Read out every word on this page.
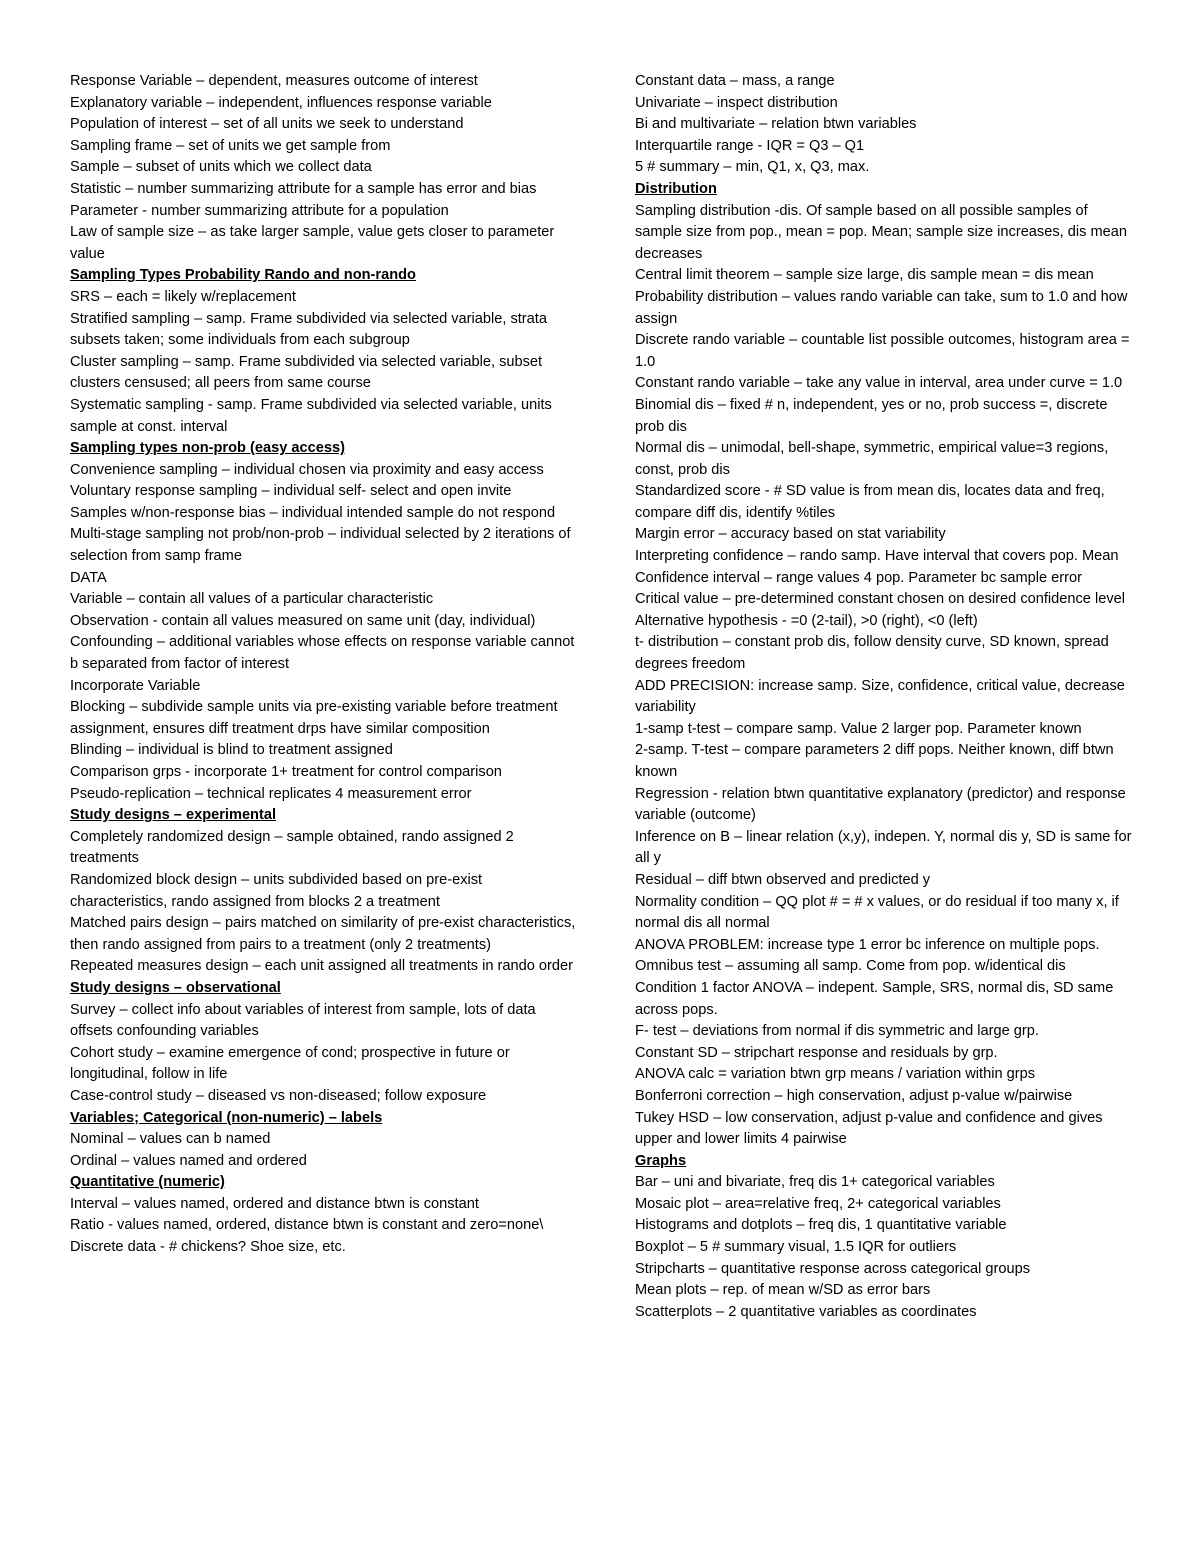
Response Variable – dependent, measures outcome of interest

Explanatory variable – independent, influences response variable

Population of interest – set of all units we seek to understand

Sampling frame – set of units we get sample from

Sample – subset of units which we collect data

Statistic – number summarizing attribute for a sample has error and bias

Parameter - number summarizing attribute for a population

Law of sample size – as take larger sample, value gets closer to parameter value

Sampling Types Probability Rando and non-rando

SRS – each = likely w/replacement

Stratified sampling – samp. Frame subdivided via selected variable, strata subsets taken; some individuals from each subgroup

Cluster sampling – samp. Frame subdivided via selected variable, subset clusters censused; all peers from same course

Systematic sampling - samp. Frame subdivided via selected variable, units sample at const. interval

Sampling types non-prob (easy access)

Convenience sampling – individual chosen via proximity and easy access

Voluntary response sampling – individual self- select and open invite

Samples w/non-response bias – individual intended sample do not respond

Multi-stage sampling not prob/non-prob – individual selected by 2 iterations of selection from samp frame

DATA

Variable – contain all values of a particular characteristic

Observation - contain all values measured on same unit (day, individual)

Confounding – additional variables whose effects on response variable cannot b separated from factor of interest

Incorporate Variable

Blocking – subdivide sample units via pre-existing variable before treatment assignment, ensures diff treatment drps have similar composition

Blinding – individual is blind to treatment assigned

Comparison grps - incorporate 1+ treatment for control comparison

Pseudo-replication – technical replicates 4 measurement error

Study designs – experimental

Completely randomized design – sample obtained, rando assigned 2 treatments

Randomized block design – units subdivided based on pre-exist characteristics, rando assigned from blocks 2 a treatment

Matched pairs design – pairs matched on similarity of pre-exist characteristics, then rando assigned from pairs to a treatment (only 2 treatments)

Repeated measures design – each unit assigned all treatments in rando order

Study designs – observational

Survey – collect info about variables of interest from sample, lots of data offsets confounding variables

Cohort study – examine emergence of cond; prospective in future or longitudinal, follow in life

Case-control study – diseased vs non-diseased; follow exposure

Variables; Categorical (non-numeric) – labels

Nominal – values can b named

Ordinal – values named and ordered

Quantitative (numeric)

Interval – values named, ordered and distance btwn is constant

Ratio - values named, ordered, distance btwn is constant and zero=none\

Discrete data - # chickens? Shoe size, etc.

Constant data – mass, a range

Univariate – inspect distribution

Bi and multivariate – relation btwn variables

Interquartile range - IQR = Q3 – Q1

5 # summary – min, Q1, x, Q3, max.

Distribution

Sampling distribution -dis. Of sample based on all possible samples of sample size from pop., mean = pop. Mean; sample size increases, dis mean decreases

Central limit theorem – sample size large, dis sample mean = dis mean

Probability distribution – values rando variable can take, sum to 1.0 and how assign

Discrete rando variable – countable list possible outcomes, histogram area = 1.0

Constant rando variable – take any value in interval, area under curve = 1.0

Binomial dis – fixed # n, independent, yes or no, prob success =, discrete prob dis

Normal dis – unimodal, bell-shape, symmetric, empirical value=3 regions, const, prob dis

Standardized score - # SD value is from mean dis, locates data and freq, compare diff dis, identify %tiles

Margin error – accuracy based on stat variability

Interpreting confidence – rando samp. Have interval that covers pop. Mean

Confidence interval – range values 4 pop. Parameter bc sample error

Critical value – pre-determined constant chosen on desired confidence level

Alternative hypothesis - =0 (2-tail), >0 (right), <0 (left)

t- distribution – constant prob dis, follow density curve, SD known, spread degrees freedom

ADD PRECISION: increase samp. Size, confidence, critical value, decrease variability

1-samp t-test – compare samp. Value 2 larger pop. Parameter known

2-samp. T-test – compare parameters 2 diff pops. Neither known, diff btwn known

Regression - relation btwn quantitative explanatory (predictor) and response variable (outcome)

Inference on B – linear relation (x,y), indepen. Y, normal dis y, SD is same for all y

Residual – diff btwn observed and predicted y

Normality condition – QQ plot # = # x values, or do residual if too many x, if normal dis all normal

ANOVA PROBLEM: increase type 1 error bc inference on multiple pops.

Omnibus test – assuming all samp. Come from pop. w/identical dis

Condition 1 factor ANOVA – indepent. Sample, SRS, normal dis, SD same across pops.

F- test – deviations from normal if dis symmetric and large grp.

Constant SD – stripchart response and residuals by grp.

ANOVA calc = variation btwn grp means / variation within grps

Bonferroni correction – high conservation, adjust p-value w/pairwise

Tukey HSD – low conservation, adjust p-value and confidence and gives upper and lower limits 4 pairwise

Graphs

Bar – uni and bivariate, freq dis 1+ categorical variables

Mosaic plot – area=relative freq, 2+ categorical variables

Histograms and dotplots – freq dis, 1 quantitative variable

Boxplot – 5 # summary visual, 1.5 IQR for outliers

Stripcharts – quantitative response across categorical groups

Mean plots – rep. of mean w/SD as error bars

Scatterplots – 2 quantitative variables as coordinates
